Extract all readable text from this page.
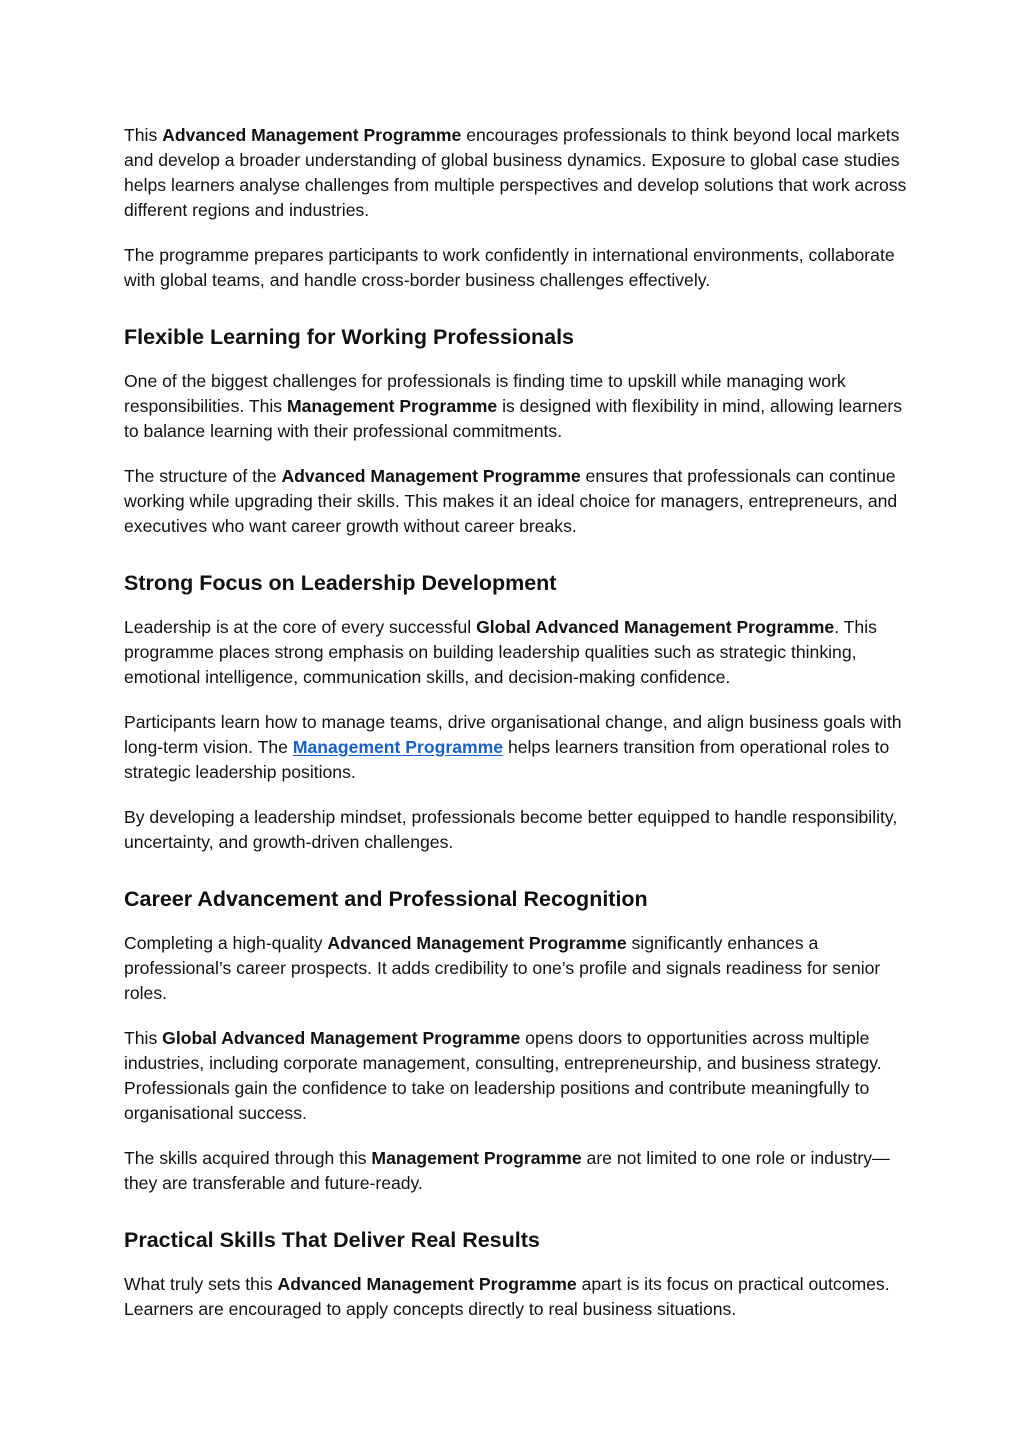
This Advanced Management Programme encourages professionals to think beyond local markets and develop a broader understanding of global business dynamics. Exposure to global case studies helps learners analyse challenges from multiple perspectives and develop solutions that work across different regions and industries.

The programme prepares participants to work confidently in international environments, collaborate with global teams, and handle cross-border business challenges effectively.

Flexible Learning for Working Professionals

One of the biggest challenges for professionals is finding time to upskill while managing work responsibilities. This Management Programme is designed with flexibility in mind, allowing learners to balance learning with their professional commitments.

The structure of the Advanced Management Programme ensures that professionals can continue working while upgrading their skills. This makes it an ideal choice for managers, entrepreneurs, and executives who want career growth without career breaks.

Strong Focus on Leadership Development

Leadership is at the core of every successful Global Advanced Management Programme. This programme places strong emphasis on building leadership qualities such as strategic thinking, emotional intelligence, communication skills, and decision-making confidence.

Participants learn how to manage teams, drive organisational change, and align business goals with long-term vision. The Management Programme helps learners transition from operational roles to strategic leadership positions.

By developing a leadership mindset, professionals become better equipped to handle responsibility, uncertainty, and growth-driven challenges.

Career Advancement and Professional Recognition

Completing a high-quality Advanced Management Programme significantly enhances a professional’s career prospects. It adds credibility to one’s profile and signals readiness for senior roles.

This Global Advanced Management Programme opens doors to opportunities across multiple industries, including corporate management, consulting, entrepreneurship, and business strategy. Professionals gain the confidence to take on leadership positions and contribute meaningfully to organisational success.

The skills acquired through this Management Programme are not limited to one role or industry—they are transferable and future-ready.

Practical Skills That Deliver Real Results

What truly sets this Advanced Management Programme apart is its focus on practical outcomes. Learners are encouraged to apply concepts directly to real business situations.
